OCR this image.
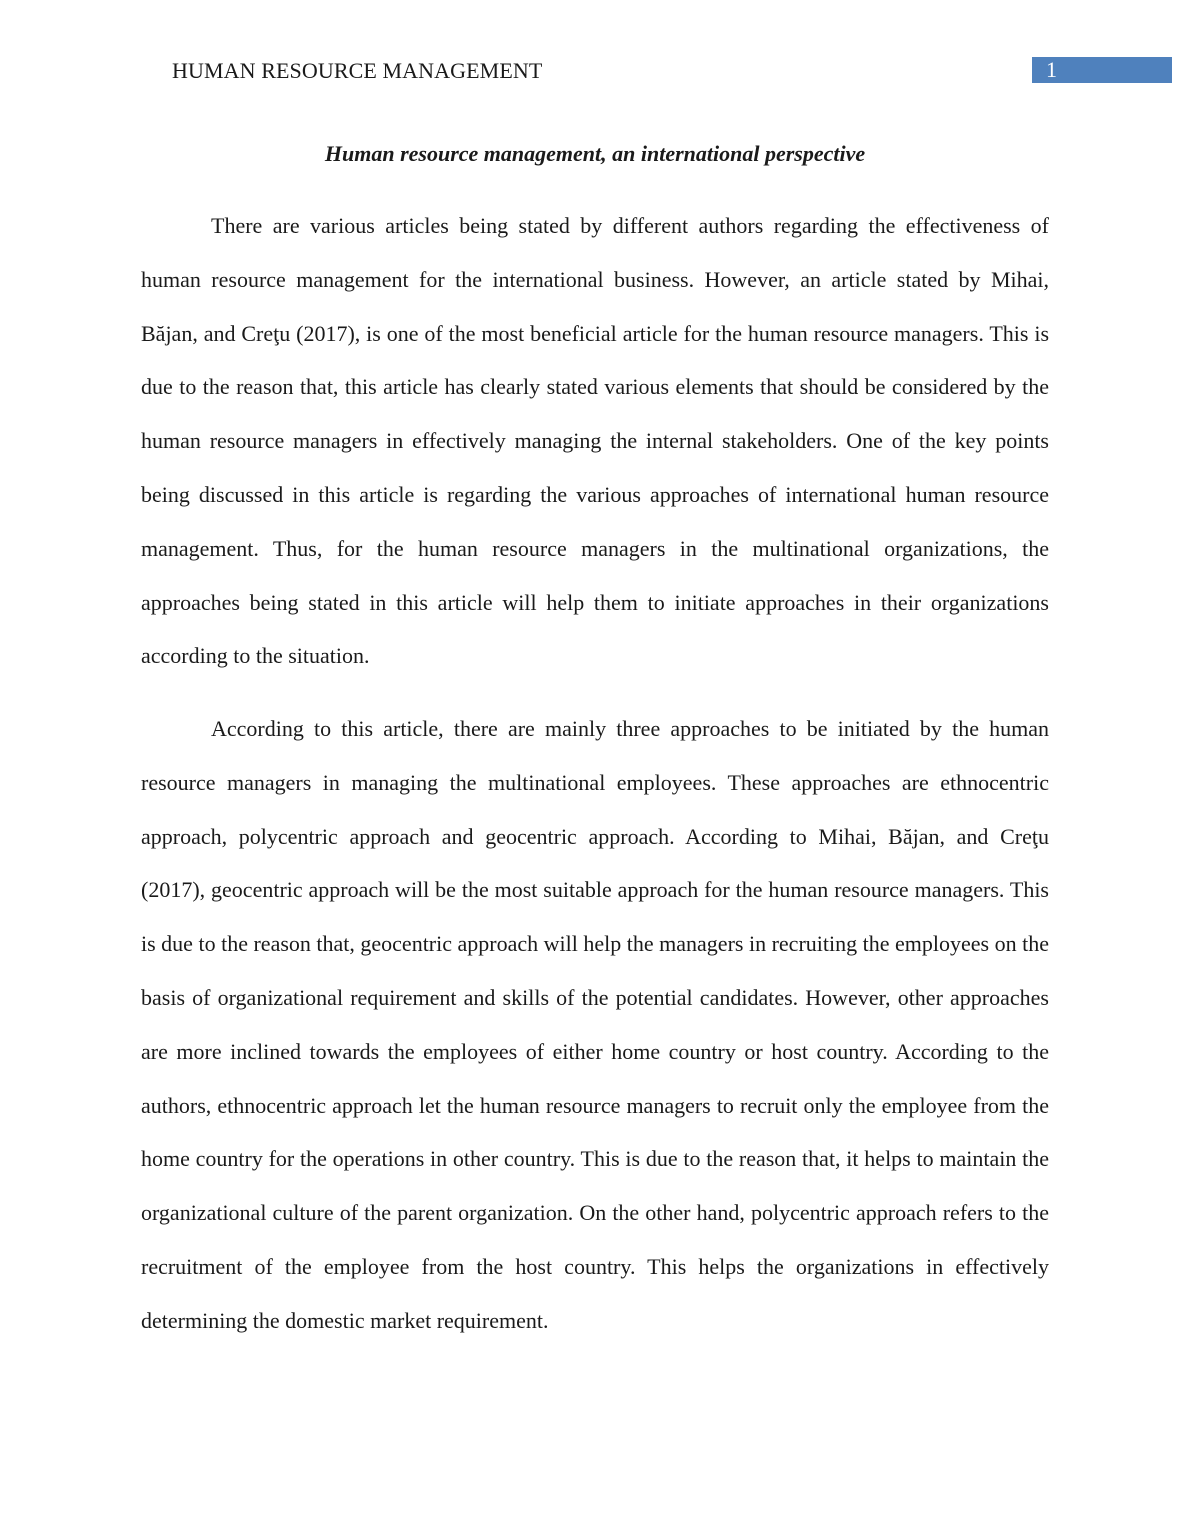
HUMAN RESOURCE MANAGEMENT	1
Human resource management, an international perspective

There are various articles being stated by different authors regarding the effectiveness of human resource management for the international business. However, an article stated by Mihai, Băjan, and Creţu (2017), is one of the most beneficial article for the human resource managers. This is due to the reason that, this article has clearly stated various elements that should be considered by the human resource managers in effectively managing the internal stakeholders. One of the key points being discussed in this article is regarding the various approaches of international human resource management. Thus, for the human resource managers in the multinational organizations, the approaches being stated in this article will help them to initiate approaches in their organizations according to the situation.

According to this article, there are mainly three approaches to be initiated by the human resource managers in managing the multinational employees. These approaches are ethnocentric approach, polycentric approach and geocentric approach. According to Mihai, Băjan, and Creţu (2017), geocentric approach will be the most suitable approach for the human resource managers. This is due to the reason that, geocentric approach will help the managers in recruiting the employees on the basis of organizational requirement and skills of the potential candidates. However, other approaches are more inclined towards the employees of either home country or host country. According to the authors, ethnocentric approach let the human resource managers to recruit only the employee from the home country for the operations in other country. This is due to the reason that, it helps to maintain the organizational culture of the parent organization. On the other hand, polycentric approach refers to the recruitment of the employee from the host country. This helps the organizations in effectively determining the domestic market requirement.
